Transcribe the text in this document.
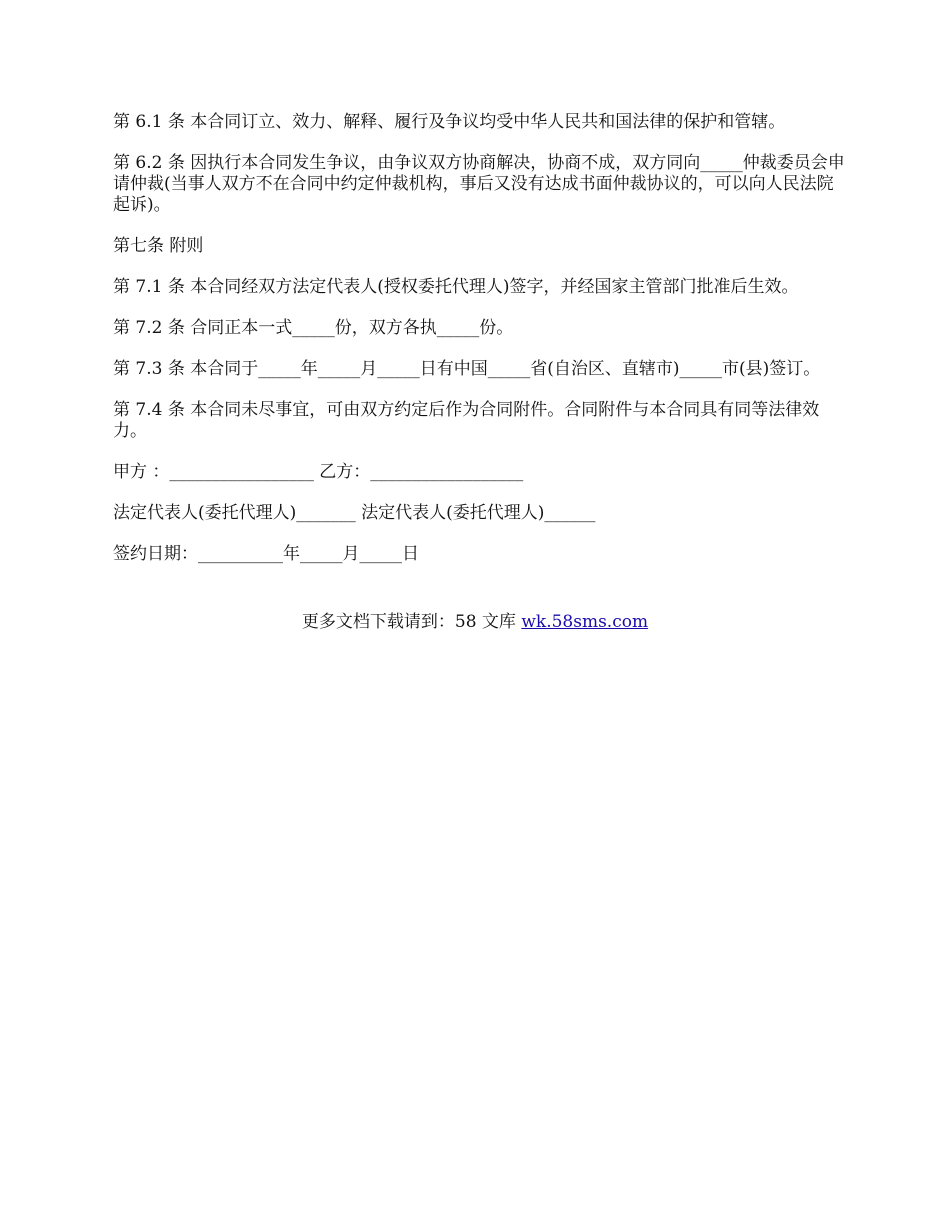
第 6.1 条 本合同订立、效力、解释、履行及争议均受中华人民共和国法律的保护和管辖。

第 6.2 条 因执行本合同发生争议，由争议双方协商解决，协商不成，双方同向_____仲裁委员会申请仲裁(当事人双方不在合同中约定仲裁机构，事后又没有达成书面仲裁协议的，可以向人民法院起诉)。

第七条 附则

第 7.1 条 本合同经双方法定代表人(授权委托代理人)签字，并经国家主管部门批准后生效。

第 7.2 条 合同正本一式_____份，双方各执_____份。

第 7.3 条 本合同于_____年_____月_____日有中国_____省(自治区、直辖市)_____市(县)签订。

第 7.4 条 本合同未尽事宜，可由双方约定后作为合同附件。合同附件与本合同具有同等法律效力。

甲方 ：_________________ 乙方：__________________

法定代表人(委托代理人)_______ 法定代表人(委托代理人)______

签约日期：__________年_____月_____日

更多文档下载请到：58 文库 wk.58sms.com
